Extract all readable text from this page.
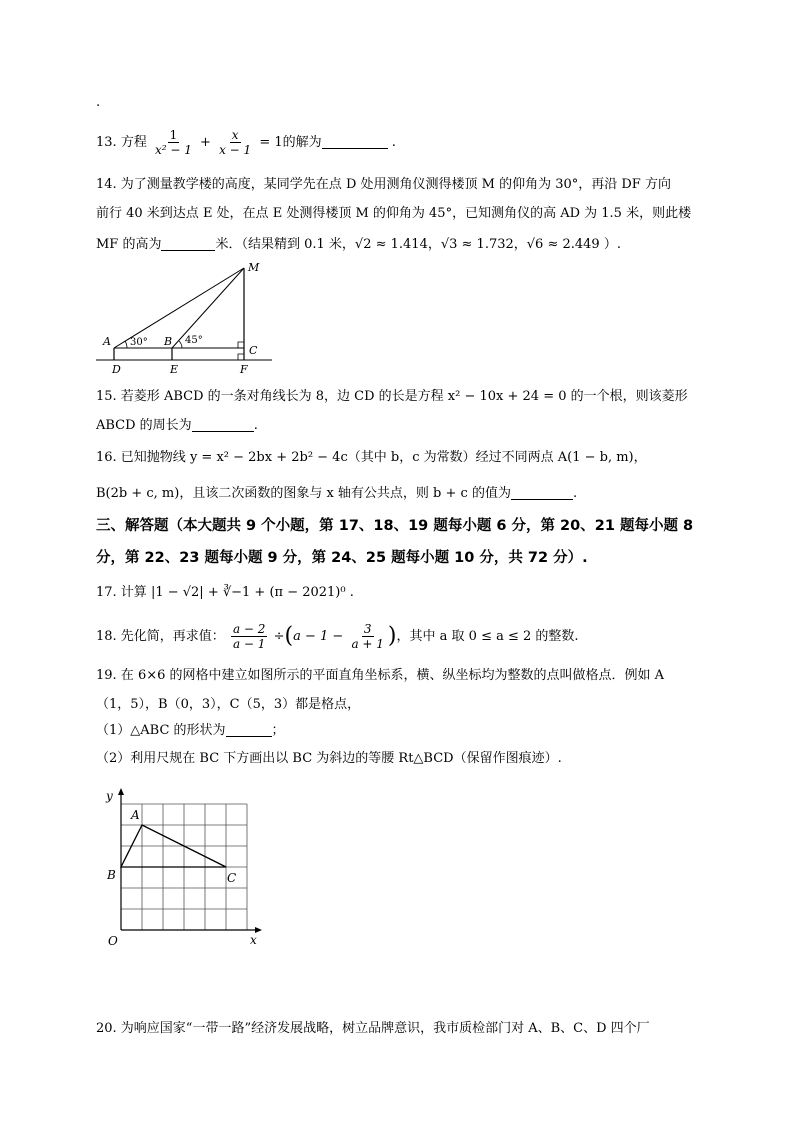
.
13. 方程 $\frac{1}{\text{x² − 1}} + \frac{x}{x - 1} = 1$的解为	.
14. 为了测量教学楼的高度，某同学先在点 D 处用测角仪测得楼顶 M 的仰角为 30°，再沿 DF 方向
前行 40 米到达点 E 处，在点 E 处测得楼顶 M 的仰角为 45°，已知测角仪的高 AD 为 1.5 米，则此楼
MF 的高为	米．（结果精到 0.1 米，√2 ≈ 1.414，√3 ≈ 1.732，√6 ≈ 2.449 ）.
M
A	B
C
D	E	F
30°	45°
15. 若菱形 ABCD 的一条对角线长为 8，边 CD 的长是方程 x² − 10x + 24 = 0 的一个根，则该菱形
ABCD 的周长为	.
16. 已知抛物线 y = x² − 2bx + 2b² − 4c（其中 b，c 为常数）经过不同两点 A(1 − b, m)，
B(2b + c, m)，且该二次函数的图象与 x 轴有公共点，则 b + c 的值为	.
三、解答题（本大题共 9 个小题，第 17、18、19 题每小题 6 分，第 20、21 题每小题 8
分，第 22、23 题每小题 9 分，第 24、25 题每小题 10 分，共 72 分）.
17. 计算 |1 − √2| + ∛−1 + (π − 2021)⁰ .
18. 先化简，再求值： $\frac{a - 2}{a - 1} \div(a - 1 - \frac{3}{a + 1}$ )，其中 a 取 0 ≤ a ≤ 2 的整数.
19. 在 6×6 的网格中建立如图所示的平面直角坐标系，横、纵坐标均为整数的点叫做格点．例如 A
（1，5），B（0，3），C（5，3）都是格点，
（1）△ABC 的形状为	；
（2）利用尺规在 BC 下方画出以 BC 为斜边的等腰 Rt△BCD（保留作图痕迹）.
y
x
O
A
B	C
20. 为响应国家“一带一路”经济发展战略，树立品牌意识，我市质检部门对 A、B、C、D 四个厂
